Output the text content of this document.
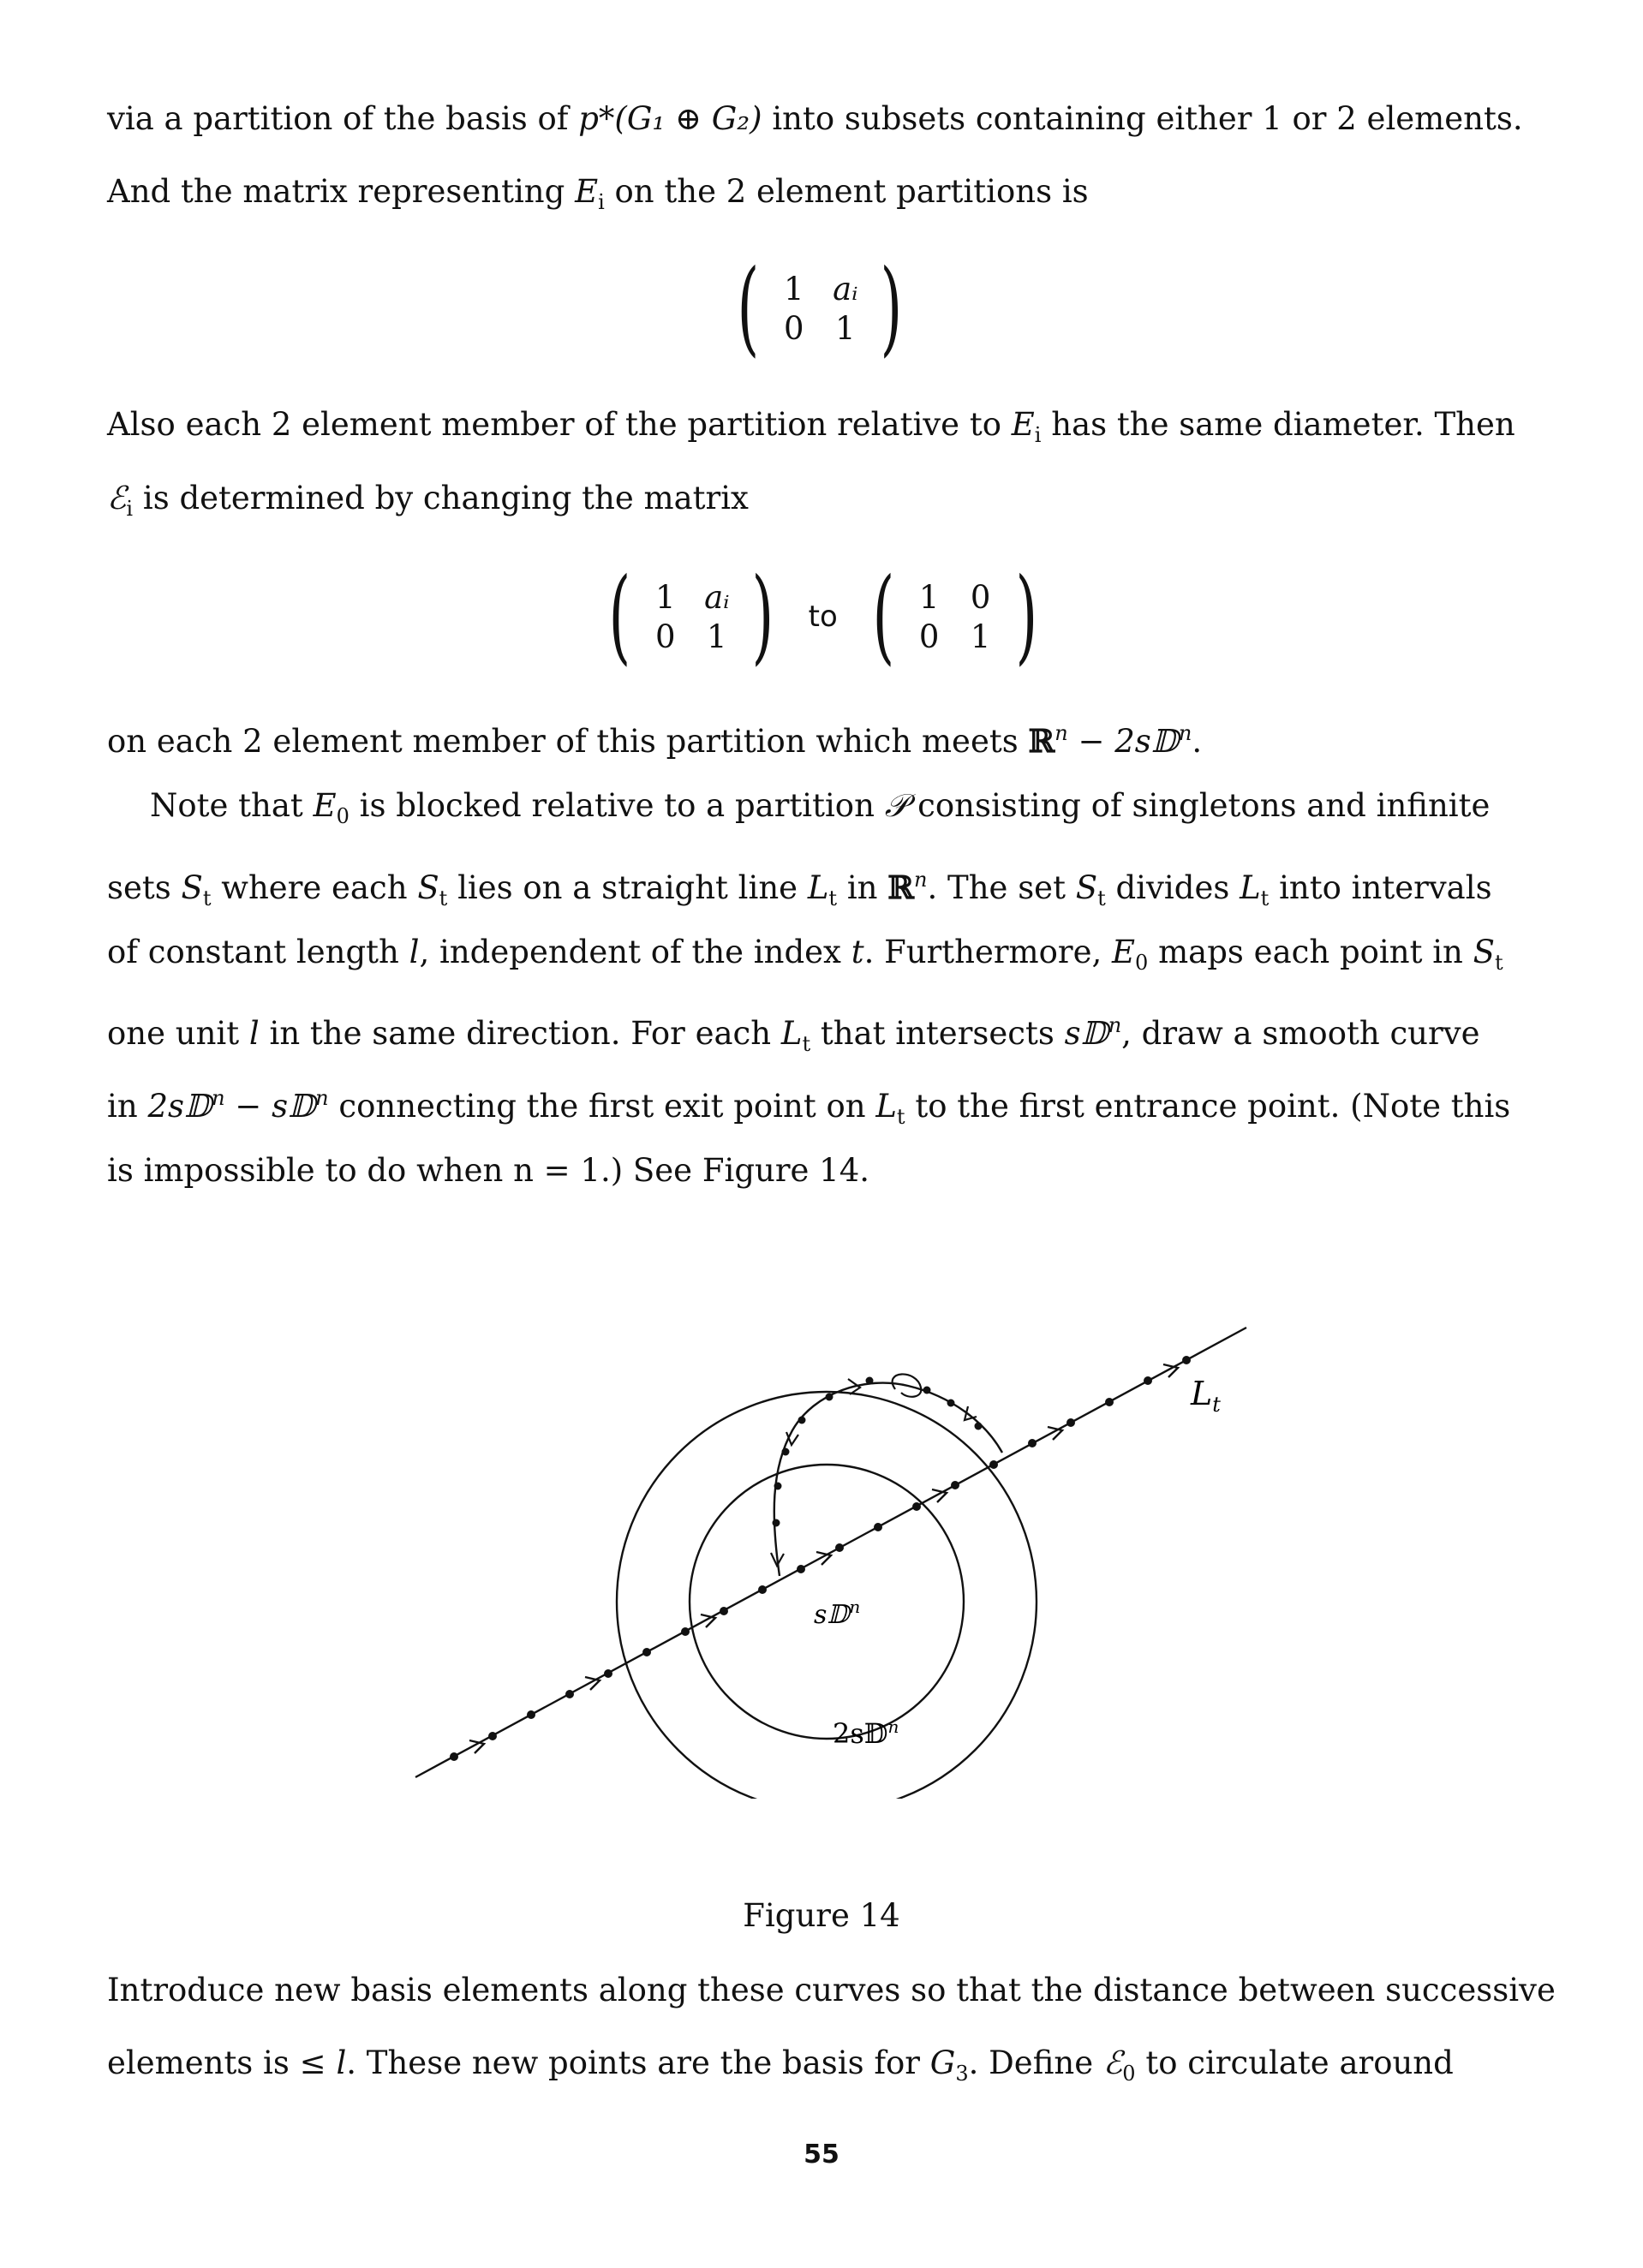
via a partition of the basis of p*(G₁ ⊕ G₂) into subsets containing either 1 or 2 elements.
And the matrix representing $E_i$ on the 2 element partitions is
( 1 aᵢ
0 1 )
Also each 2 element member of the partition relative to $E_i$ has the same diameter. Then
ℰ$_i$ is determined by changing the matrix
( 1 aᵢ
0 1 ) to ( 1 0
0 1 )
on each 2 element member of this partition which meets ℝ$^n$ − 2s𝔻$^n$.
Note that $E_0$ is blocked relative to a partition 𝒫 consisting of singletons and infinite
sets $S_t$ where each $S_t$ lies on a straight line $L_t$ in ℝ$^n$. The set $S_t$ divides $L_t$ into intervals
of constant length l, independent of the index t. Furthermore, $E_0$ maps each point in $S_t$
one unit l in the same direction. For each $L_t$ that intersects s𝔻$^n$, draw a smooth curve
in 2s𝔻$^n$ − s𝔻$^n$ connecting the first exit point on $L_t$ to the first entrance point. (Note this
is impossible to do when n = 1.) See Figure 14.
$L_t$
s𝔻$^n$
2s𝔻$^n$
Figure 14
Introduce new basis elements along these curves so that the distance between successive
elements is ≤ l. These new points are the basis for $G_3$. Define ℰ$_0$ to circulate around
55
